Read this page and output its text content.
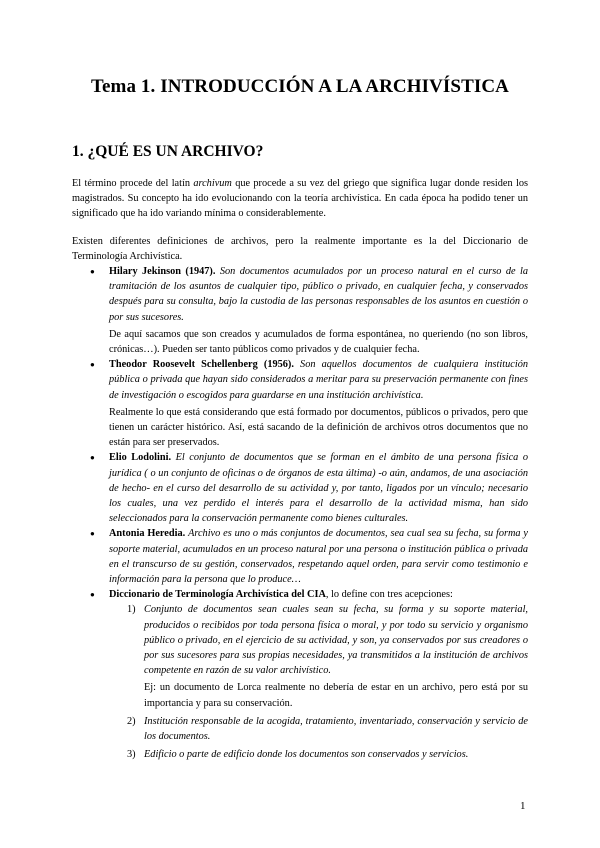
Tema 1. INTRODUCCIÓN A LA ARCHIVÍSTICA
1. ¿QUÉ ES UN ARCHIVO?
El término procede del latín archivum que procede a su vez del griego que significa lugar donde residen los magistrados. Su concepto ha ido evolucionando con la teoría archivística. En cada época ha podido tener un significado que ha ido variando mínima o considerablemente.
Existen diferentes definiciones de archivos, pero la realmente importante es la del Diccionario de Terminología Archivística.
● Hilary Jekinson (1947). Son documentos acumulados por un proceso natural en el curso de la tramitación de los asuntos de cualquier tipo, público o privado, en cualquier fecha, y conservados después para su consulta, bajo la custodia de las personas responsables de los asuntos en cuestión o por sus sucesores.
De aquí sacamos que son creados y acumulados de forma espontánea, no queriendo (no son libros, crónicas…). Pueden ser tanto públicos como privados y de cualquier fecha.
● Theodor Roosevelt Schellenberg (1956). Son aquellos documentos de cualquiera institución pública o privada que hayan sido considerados a meritar para su preservación permanente con fines de investigación o escogidos para guardarse en una institución archivística.
Realmente lo que está considerando que está formado por documentos, públicos o privados, pero que tienen un carácter histórico. Así, está sacando de la definición de archivos otros documentos que no están para ser preservados.
● Elio Lodolini. El conjunto de documentos que se forman en el ámbito de una persona física o jurídica ( o un conjunto de oficinas o de órganos de esta última) -o aún, andamos, de una asociación de hecho- en el curso del desarrollo de su actividad y, por tanto, ligados por un vínculo; necesario los cuales, una vez perdido el interés para el desarrollo de la actividad misma, han sido seleccionados para la conservación permanente como bienes culturales.
● Antonia Heredia. Archivo es uno o más conjuntos de documentos, sea cual sea su fecha, su forma y soporte material, acumulados en un proceso natural por una persona o institución pública o privada en el transcurso de su gestión, conservados, respetando aquel orden, para servir como testimonio e información para la persona que lo produce…
● Diccionario de Terminología Archivística del CIA, lo define con tres acepciones:
1) Conjunto de documentos sean cuales sean su fecha, su forma y su soporte material, producidos o recibidos por toda persona física o moral, y por todo su servicio y organismo público o privado, en el ejercicio de su actividad, y son, ya conservados por sus creadores o por sus sucesores para sus propias necesidades, ya transmitidos a la institución de archivos competente en razón de su valor archivístico.
Ej: un documento de Lorca realmente no debería de estar en un archivo, pero está por su importancia y para su conservación.
2) Institución responsable de la acogida, tratamiento, inventariado, conservación y servicio de los documentos.
3) Edificio o parte de edificio donde los documentos son conservados y servicios.
1
